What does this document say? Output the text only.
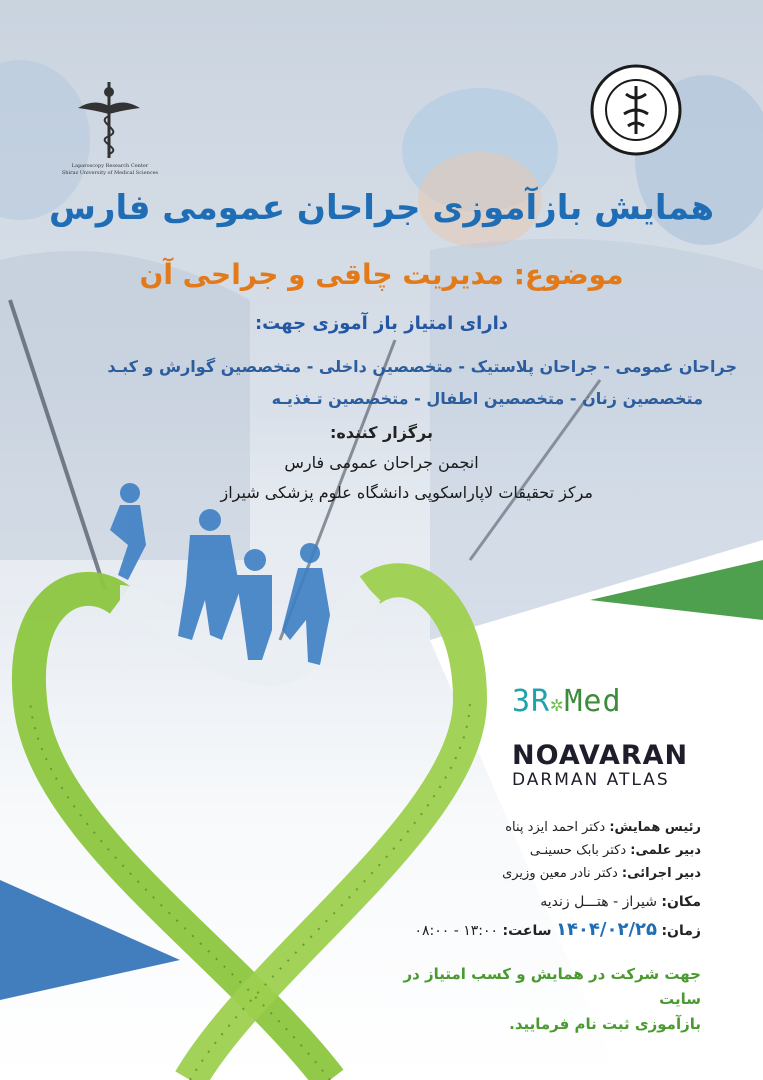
Laparoscopy Research Center
Shiraz University of Medical Sciences
همایش بازآموزی جراحان عمومی فارس
موضوع: مدیریت چاقی و جراحی آن
دارای امتیاز باز آموزی جهت:
جراحان عمومی - جراحان پلاستیک - متخصصین داخلی - متخصصین گوارش و کبـد
متخصصین زنان - متخصصین اطفال - متخصصین تـغذیـه
برگزار کننده:
انجمن جراحان عمومی فارس
مرکز تحقیقات لاپاراسکوپی دانشگاه علوم پزشکی شیراز
3R✲Med
NOAVARAN
DARMAN ATLAS
رئیس همایش: دکتر احمد ایزد پناه
دبیر علمی: دکتر بابک حسینـی
دبیر اجرائی: دکتر نادر معین وزیری
مکان: شیراز - هتـــل زندیه
زمان: ۱۴۰۴/۰۲/۲۵ ساعت: ۱۳:۰۰ - ۰۸:۰۰
جهت شرکت در همایش و کسب امتیاز در سایت
بازآموزی ثبت نام فرمایید.
